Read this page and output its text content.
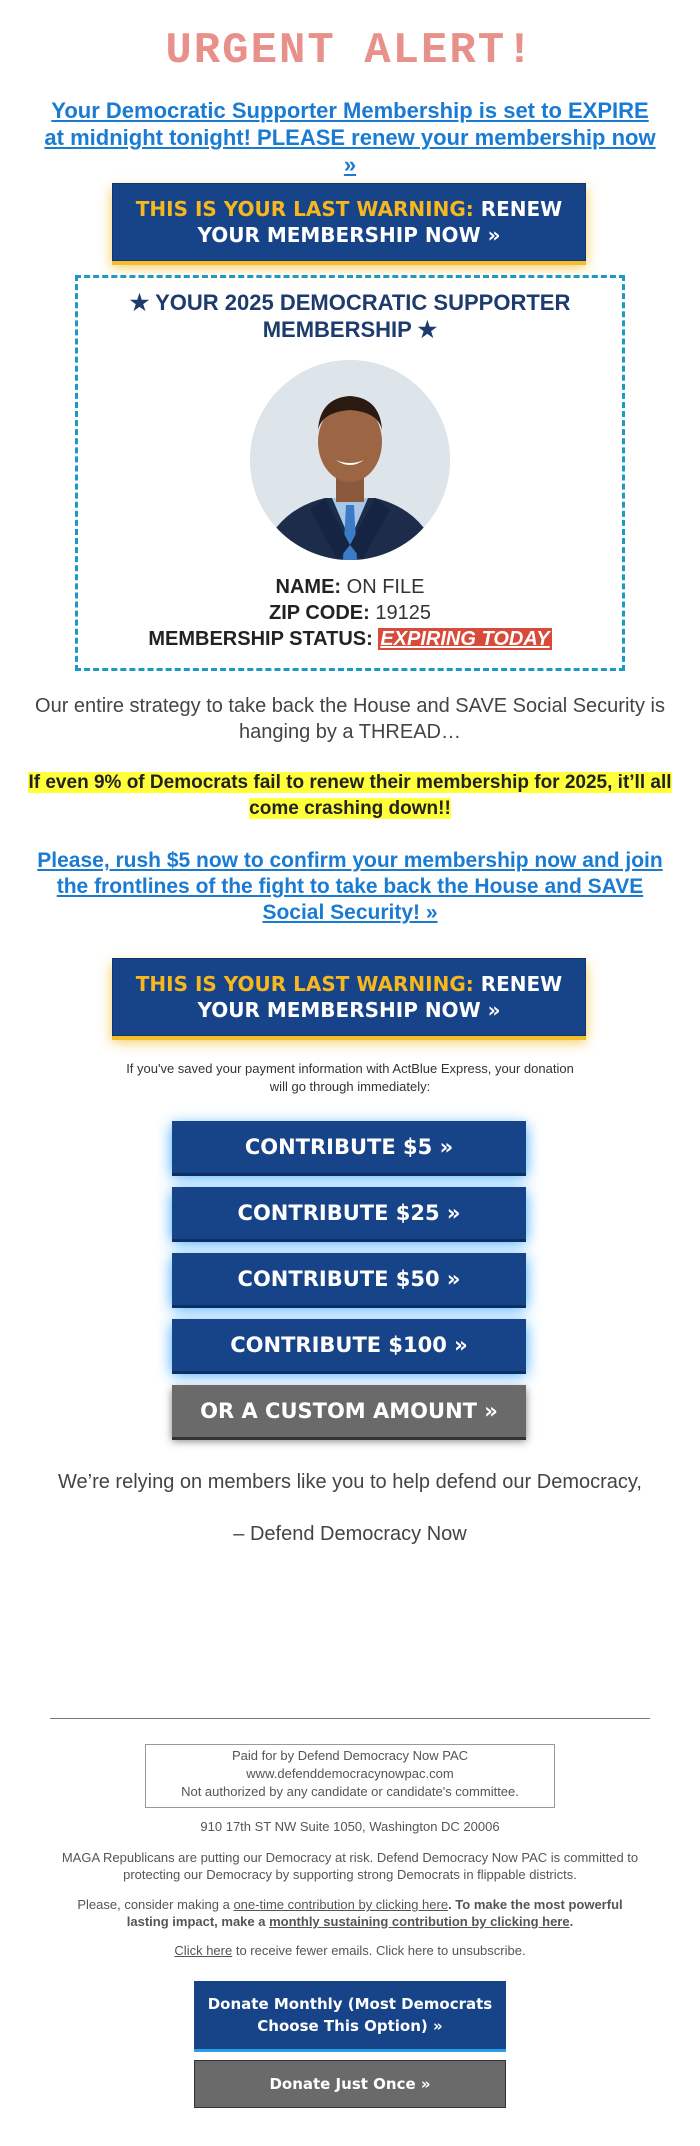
URGENT ALERT!
Your Democratic Supporter Membership is set to EXPIRE at midnight tonight! PLEASE renew your membership now »
THIS IS YOUR LAST WARNING: RENEW YOUR MEMBERSHIP NOW »
★ YOUR 2025 DEMOCRATIC SUPPORTER MEMBERSHIP ★
NAME: ON FILE
ZIP CODE: 19125
MEMBERSHIP STATUS: EXPIRING TODAY
Our entire strategy to take back the House and SAVE Social Security is hanging by a THREAD…
If even 9% of Democrats fail to renew their membership for 2025, it’ll all come crashing down!!
Please, rush $5 now to confirm your membership now and join the frontlines of the fight to take back the House and SAVE Social Security! »
THIS IS YOUR LAST WARNING: RENEW YOUR MEMBERSHIP NOW »
If you've saved your payment information with ActBlue Express, your donation will go through immediately:
CONTRIBUTE $5 »
CONTRIBUTE $25 »
CONTRIBUTE $50 »
CONTRIBUTE $100 »
OR A CUSTOM AMOUNT »
We’re relying on members like you to help defend our Democracy,
– Defend Democracy Now
Paid for by Defend Democracy Now PAC
www.defenddemocracynowpac.com
Not authorized by any candidate or candidate's committee.
910 17th ST NW Suite 1050, Washington DC 20006
MAGA Republicans are putting our Democracy at risk. Defend Democracy Now PAC is committed to protecting our Democracy by supporting strong Democrats in flippable districts.
Please, consider making a one-time contribution by clicking here. To make the most powerful lasting impact, make a monthly sustaining contribution by clicking here.
Click here to receive fewer emails. Click here to unsubscribe.
Donate Monthly (Most Democrats Choose This Option) »
Donate Just Once »
